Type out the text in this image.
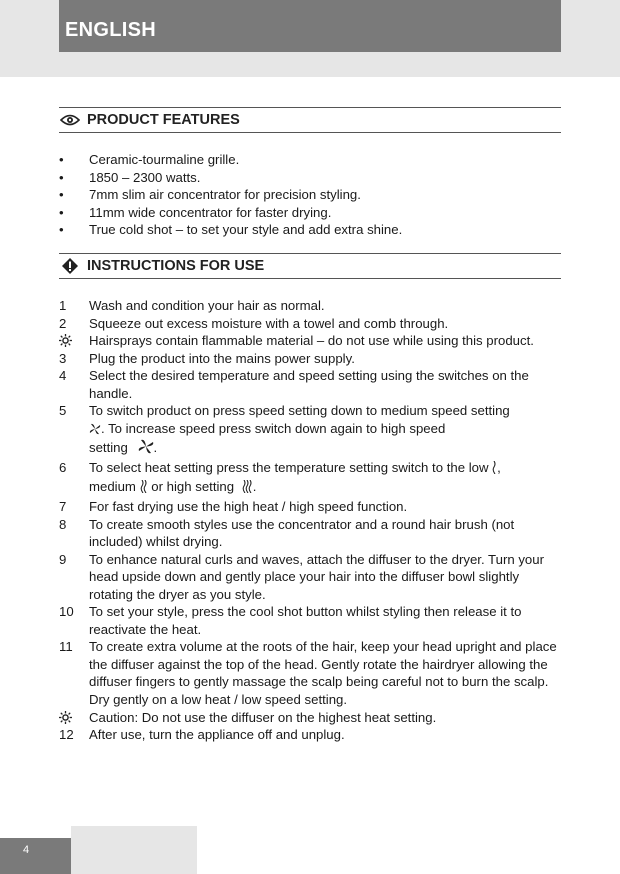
ENGLISH
PRODUCT FEATURES
•	Ceramic-tourmaline grille.
•	1850 – 2300 watts.
•	7mm slim air concentrator for precision styling.
•	11mm wide concentrator for faster drying.
•	True cold shot – to set your style and add extra shine.
INSTRUCTIONS FOR USE
1	Wash and condition your hair as normal.
2	Squeeze out excess moisture with a towel and comb through.
Hairsprays contain flammable material – do not use while using this product.
3	Plug the product into the mains power supply.
4	Select the desired temperature and speed setting using the switches on the handle.
5	To switch product on press speed setting down to medium speed setting
. To increase speed press switch down again to high speed
setting .
6	To select heat setting press the temperature setting switch to the low ,
medium or high setting .
7	For fast drying use the high heat / high speed function.
8	To create smooth styles use the concentrator and a round hair brush (not included) whilst drying.
9	To enhance natural curls and waves, attach the diffuser to the dryer. Turn your head upside down and gently place your hair into the diffuser bowl slightly rotating the dryer as you style.
10	To set your style, press the cool shot button whilst styling then release it to reactivate the heat.
11	To create extra volume at the roots of the hair, keep your head upright and place the diffuser against the top of the head. Gently rotate the hairdryer allowing the diffuser fingers to gently massage the scalp being careful not to burn the scalp. Dry gently on a low heat / low speed setting.
Caution: Do not use the diffuser on the highest heat setting.
12	After use, turn the appliance off and unplug.
4
